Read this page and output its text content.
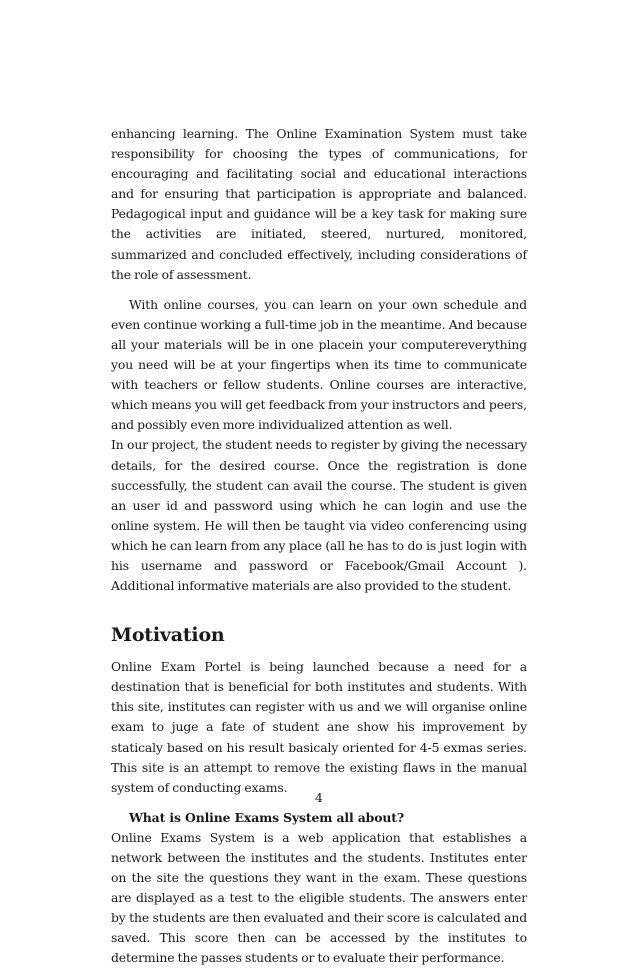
enhancing learning. The Online Examination System must take responsibility for choosing the types of communications, for encouraging and facilitating social and educational interactions and for ensuring that participation is appropriate and balanced. Pedagogical input and guidance will be a key task for making sure the activities are initiated, steered, nurtured, monitored, summarized and concluded effectively, including considerations of the role of assessment.

With online courses, you can learn on your own schedule and even continue working a full-time job in the meantime. And because all your materials will be in one placein your computereverything you need will be at your fingertips when its time to communicate with teachers or fellow students. Online courses are interactive, which means you will get feedback from your instructors and peers, and possibly even more individualized attention as well.

In our project, the student needs to register by giving the necessary details, for the desired course. Once the registration is done successfully, the student can avail the course. The student is given an user id and password using which he can login and use the online system. He will then be taught via video conferencing using which he can learn from any place (all he has to do is just login with his username and password or Facebook/Gmail Account ). Additional informative materials are also provided to the student.

Motivation

Online Exam Portel is being launched because a need for a destination that is beneficial for both institutes and students. With this site, institutes can register with us and we will organise online exam to juge a fate of student ane show his improvement by staticaly based on his result basicaly oriented for 4-5 exmas series. This site is an attempt to remove the existing flaws in the manual system of conducting exams.

What is Online Exams System all about?

Online Exams System is a web application that establishes a network between the institutes and the students. Institutes enter on the site the questions they want in the exam. These questions are displayed as a test to the eligible students. The answers enter by the students are then evaluated and their score is calculated and saved. This score then can be accessed by the institutes to determine the passes students or to evaluate their performance.

4
